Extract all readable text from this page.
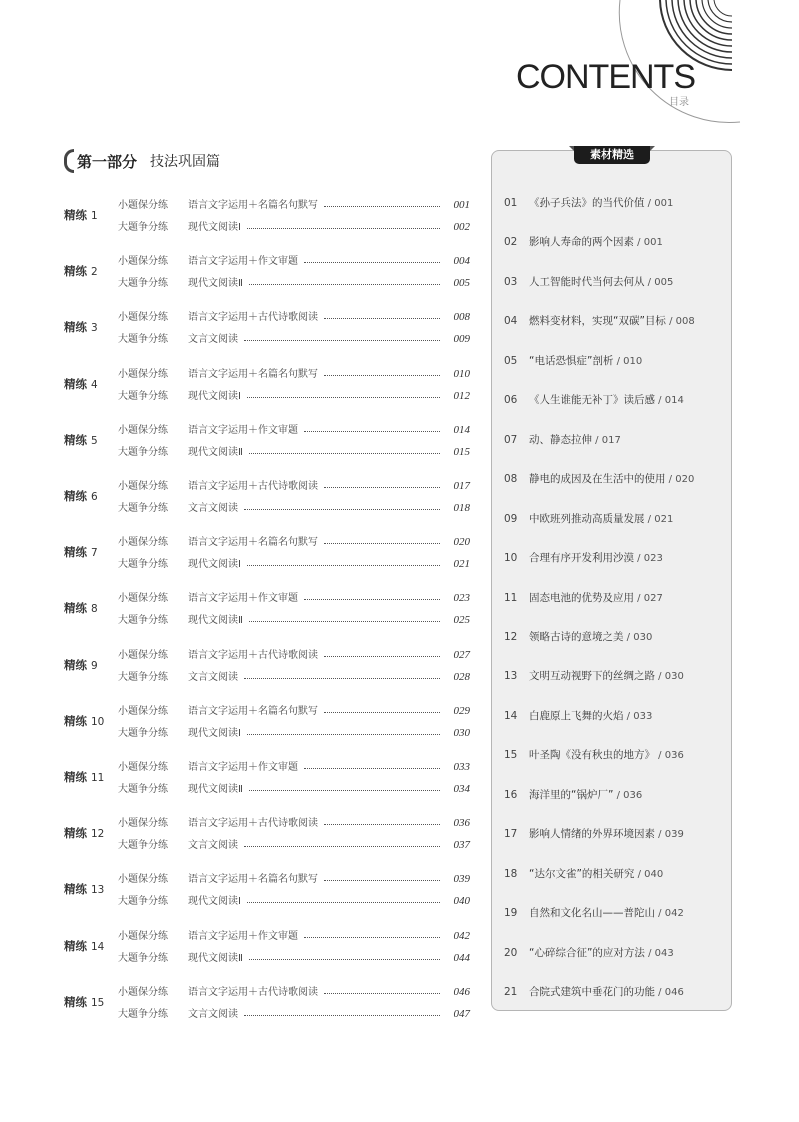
CONTENTS
目录
第一部分 技法巩固篇
精练 1
小题保分练	语言文字运用＋名篇名句默写	001
大题争分练	现代文阅读Ⅰ	002
精练 2
小题保分练	语言文字运用＋作文审题	004
大题争分练	现代文阅读Ⅱ	005
精练 3
小题保分练	语言文字运用＋古代诗歌阅读	008
大题争分练	文言文阅读	009
精练 4
小题保分练	语言文字运用＋名篇名句默写	010
大题争分练	现代文阅读Ⅰ	012
精练 5
小题保分练	语言文字运用＋作文审题	014
大题争分练	现代文阅读Ⅱ	015
精练 6
小题保分练	语言文字运用＋古代诗歌阅读	017
大题争分练	文言文阅读	018
精练 7
小题保分练	语言文字运用＋名篇名句默写	020
大题争分练	现代文阅读Ⅰ	021
精练 8
小题保分练	语言文字运用＋作文审题	023
大题争分练	现代文阅读Ⅱ	025
精练 9
小题保分练	语言文字运用＋古代诗歌阅读	027
大题争分练	文言文阅读	028
精练 10
小题保分练	语言文字运用＋名篇名句默写	029
大题争分练	现代文阅读Ⅰ	030
精练 11
小题保分练	语言文字运用＋作文审题	033
大题争分练	现代文阅读Ⅱ	034
精练 12
小题保分练	语言文字运用＋古代诗歌阅读	036
大题争分练	文言文阅读	037
精练 13
小题保分练	语言文字运用＋名篇名句默写	039
大题争分练	现代文阅读Ⅰ	040
精练 14
小题保分练	语言文字运用＋作文审题	042
大题争分练	现代文阅读Ⅱ	044
精练 15
小题保分练	语言文字运用＋古代诗歌阅读	046
大题争分练	文言文阅读	047
素材精选
01 《孙子兵法》的当代价值 / 001
02 影响人寿命的两个因素 / 001
03 人工智能时代当何去何从 / 005
04 燃料变材料，实现“双碳”目标 / 008
05 “电话恐惧症”剖析 / 010
06 《人生谁能无补丁》读后感 / 014
07 动、静态拉伸 / 017
08 静电的成因及在生活中的使用 / 020
09 中欧班列推动高质量发展 / 021
10 合理有序开发利用沙漠 / 023
11 固态电池的优势及应用 / 027
12 领略古诗的意境之美 / 030
13 文明互动视野下的丝绸之路 / 030
14 白鹿原上飞舞的火焰 / 033
15 叶圣陶《没有秋虫的地方》 / 036
16 海洋里的“锅炉厂” / 036
17 影响人情绪的外界环境因素 / 039
18 “达尔文雀”的相关研究 / 040
19 自然和文化名山——普陀山 / 042
20 “心碎综合征”的应对方法 / 043
21 合院式建筑中垂花门的功能 / 046
